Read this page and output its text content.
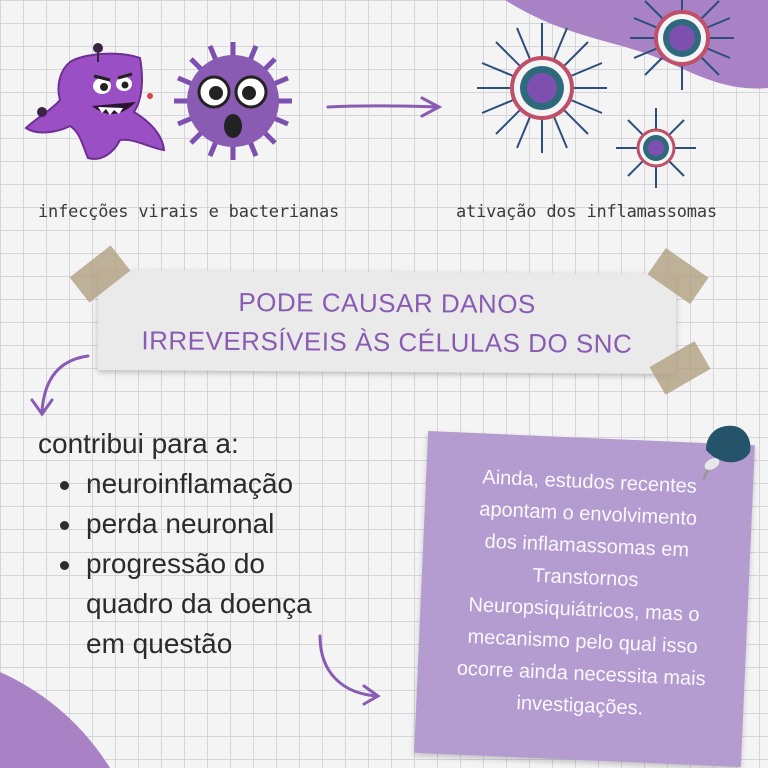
infecções virais e bacterianas	ativação dos inflamassomas
PODE CAUSAR DANOS
IRREVERSÍVEIS ÀS CÉLULAS DO SNC
contribui para a:
neuroinflamação
perda neuronal
progressão do
quadro da doença
em questão
Ainda, estudos recentes
apontam o envolvimento
dos inflamassomas em
Transtornos
Neuropsiquiátricos, mas o
mecanismo pelo qual isso
ocorre ainda necessita mais
investigações.
